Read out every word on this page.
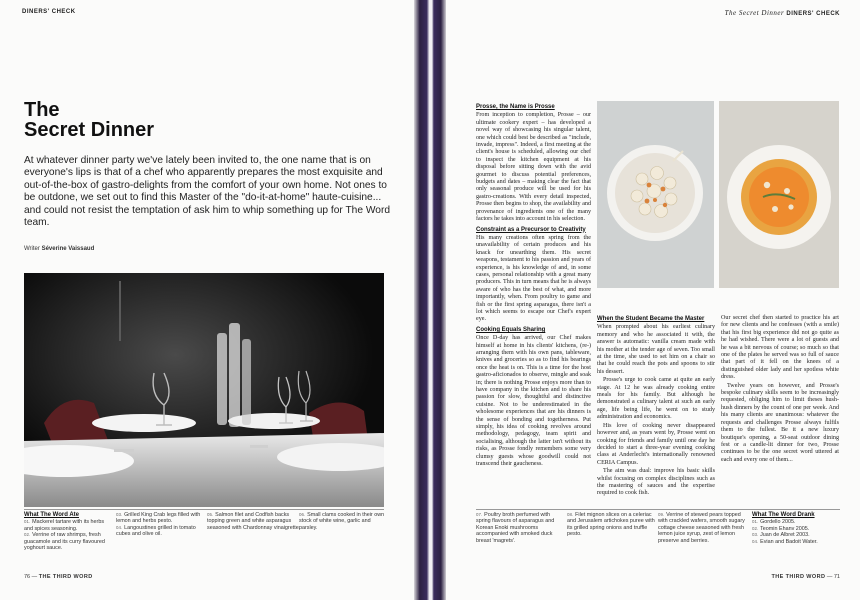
DINERS' CHECK
The
Secret Dinner

At whatever dinner party we've lately been invited to, the one name that is on everyone's lips is that of a chef who apparently prepares the most exquisite and out-of-the-box of gastro-delights from the comfort of your own home. Not ones to be outdone, we set out to find this Master of the "do-it-at-home" haute-cuisine... and could not resist the temptation of ask him to whip something up for The Word team.

Writer Séverine Vaissaud
What The Word Ate
01. Mackerel tartare with its herbs and spices seasoning.
02. Verrine of raw shrimps, fresh guacamole and its curry flavoured yoghourt sauce.
03. Grilled King Crab legs filled with lemon and herbs pesto.
04. Langoustines grilled in tomato cubes and olive oil.
05. Salmon filet and Codfish backs topping green and white asparagus seasoned with Chardonnay vinaigrette.
06. Small clams cooked in their own stock of white wine, garlic and parsley.
76 — THE THIRD WORD
The Secret Dinner DINERS' CHECK
Prosse, the Name is Prosse

From inception to completion, Prosse – our ultimate cookery expert – has developed a novel way of showcasing his singular talent, one which could best be described as "include, invade, impress". Indeed, a first meeting at the client's house is scheduled, allowing our chef to inspect the kitchen equipment at his disposal before sitting down with the avid gourmet to discuss potential preferences, budgets and dates – making clear the fact that only seasonal produce will be used for his gastro-creations. With every detail inspected, Prosse then begins to shop, the availability and provenance of ingredients one of the many factors he takes into account in his selection.

Constraint as a Precursor to Creativity

His many creations often spring from the unavailability of certain produces and his knack for unearthing them. His secret weapons, testament to his passion and years of experience, is his knowledge of and, in some cases, personal relationship with a great many producers. This in turn means that he is always aware of who has the best of what, and more importantly, when. From poultry to game and fish or the first spring asparagus, there isn't a lot which seems to escape our Chef's expert eye.

Cooking Equals Sharing

Once D-day has arrived, our Chef makes himself at home in his clients' kitchens, (re-) arranging them with his own pans, tableware, knives and groceries so as to find his bearings once the heat is on. This is a time for the host gastro-aficionados to observe, mingle and soak in; there is nothing Prosse enjoys more than to have company in the kitchen and to share his passion for slow, thoughtful and distinctive cuisine. Not to be underestimated in the wholesome experiences that are his dinners is the sense of bonding and togetherness. Put simply, his idea of cooking revolves around methodology, pedagogy, team spirit and socialising, although the latter isn't without its risks, as Prosse fondly remembers some very clumsy guests whose goodwill could not transcend their gaucheness.

When the Student Became the Master

When prompted about his earliest culinary memory and who he associated it with, the answer is automatic: vanilla cream made with his mother at the tender age of seven. Too small at the time, she used to set him on a chair so that he could reach the pots and spoons to stir his dessert.

Prosse's urge to cook came at quite an early stage. At 12 he was already cooking entire meals for his family. But although he demonstrated a culinary talent at such an early age, life being life, he went on to study administration and economics.

His love of cooking never disappeared however and, as years went by, Prosse went on cooking for friends and family until one day he decided to start a three-year evening cooking class at Anderlecht's internationally renowned CERIA Campus.

The aim was dual: improve his basic skills whilst focusing on complex disciplines such as the mastering of sauces and the expertise required to cook fish.

Our secret chef then started to practice his art for new clients and he confesses (with a smile) that his first big experience did not go quite as he had wished. There were a lot of guests and he was a bit nervous of course; so much so that one of the plates he served was so full of sauce that part of it fell on the knees of a distinguished older lady and her spotless white dress.

Twelve years on however, and Prosse's bespoke culinary skills seem to be increasingly requested, obliging him to limit theses hush-hush dinners by the count of one per week. And his many clients are unanimous: whatever the requests and challenges Prosse always fulfils them to the fullest. Be it a new luxury boutique's opening, a 50-seat outdoor dining fest or a candle-lit dinner for two, Prosse continues to be the one secret word uttered at each and every one of them...

07. Poultry broth perfumed with spring flavours of asparagus and Korean Enoki mushrooms accompanied with smoked duck breast 'magrets'.
08. Filet mignon slices on a celeriac and Jerusalem artichokes puree with its grilled spring onions and truffle pesto.
09. Verrine of stewed pears topped with crackled wafers, smooth sugary cottage cheese seasoned with fresh lemon juice syrup, zest of lemon preserve and berries.
What The Word Drank
01. Gordello 2005.
02. Teomin Ehanv 2005.
03. Juan de Albret 2003.
04. Evian and Badoit Water.
THE THIRD WORD — 71
